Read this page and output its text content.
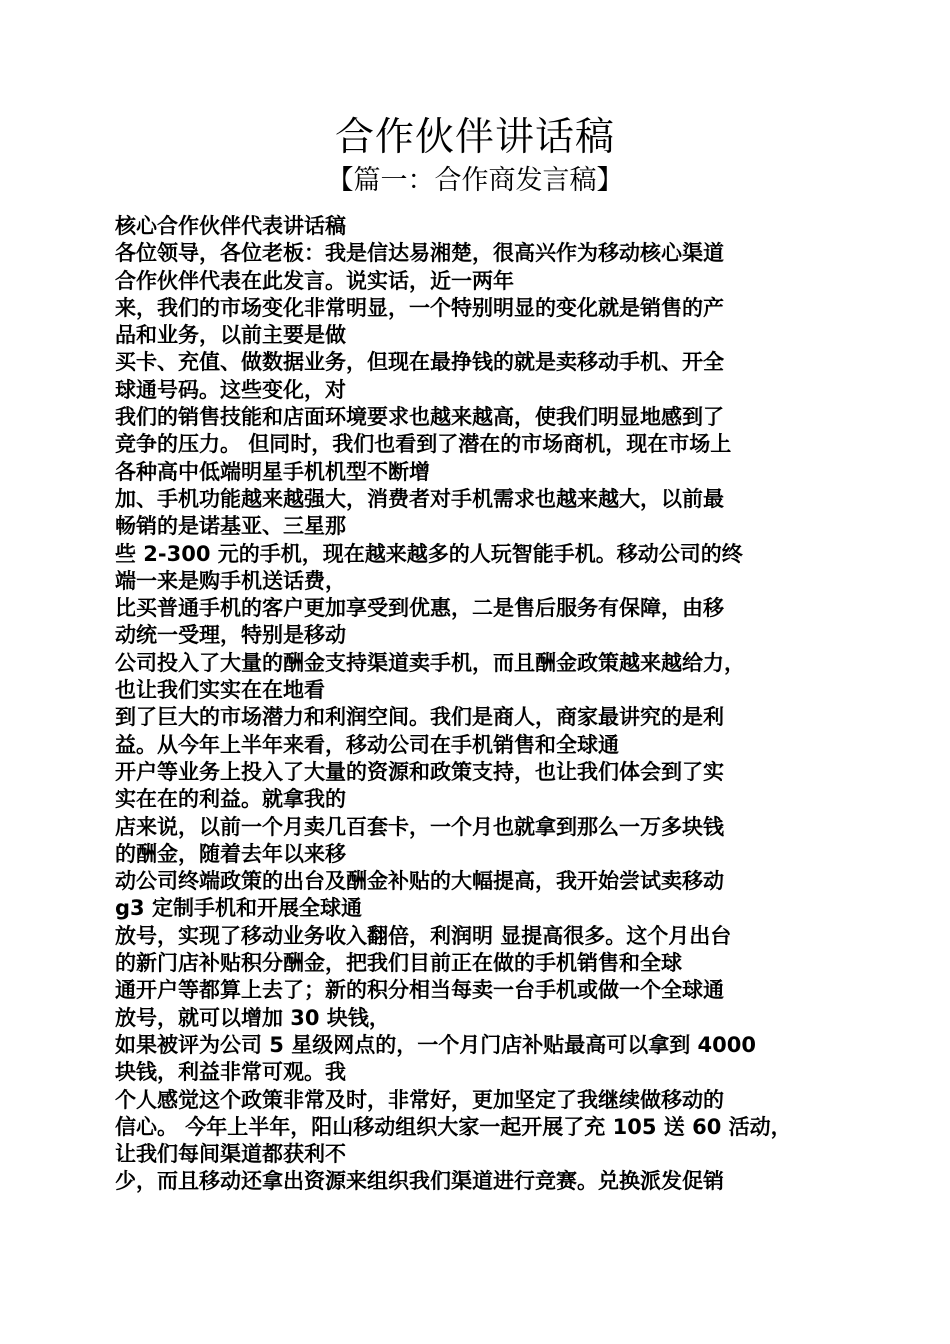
合作伙伴讲话稿
【篇一：合作商发言稿】
核心合作伙伴代表讲话稿
各位领导，各位老板：我是信达易湘楚，很高兴作为移动核心渠道
合作伙伴代表在此发言。说实话，近一两年
来，我们的市场变化非常明显，一个特别明显的变化就是销售的产
品和业务，以前主要是做
买卡、充值、做数据业务，但现在最挣钱的就是卖移动手机、开全
球通号码。这些变化，对
我们的销售技能和店面环境要求也越来越高，使我们明显地感到了
竞争的压力。 但同时，我们也看到了潜在的市场商机，现在市场上
各种高中低端明星手机机型不断增
加、手机功能越来越强大，消费者对手机需求也越来越大，以前最
畅销的是诺基亚、三星那
些 2-300 元的手机，现在越来越多的人玩智能手机。移动公司的终
端一来是购手机送话费，
比买普通手机的客户更加享受到优惠，二是售后服务有保障，由移
动统一受理，特别是移动
公司投入了大量的酬金支持渠道卖手机，而且酬金政策越来越给力，
也让我们实实在在地看
到了巨大的市场潜力和利润空间。我们是商人，商家最讲究的是利
益。从今年上半年来看，移动公司在手机销售和全球通
开户等业务上投入了大量的资源和政策支持，也让我们体会到了实
实在在的利益。就拿我的
店来说，以前一个月卖几百套卡，一个月也就拿到那么一万多块钱
的酬金，随着去年以来移
动公司终端政策的出台及酬金补贴的大幅提高，我开始尝试卖移动
g3 定制手机和开展全球通
放号，实现了移动业务收入翻倍，利润明 显提高很多。这个月出台
的新门店补贴积分酬金，把我们目前正在做的手机销售和全球
通开户等都算上去了；新的积分相当每卖一台手机或做一个全球通
放号，就可以增加 30 块钱，
如果被评为公司 5 星级网点的，一个月门店补贴最高可以拿到 4000
块钱，利益非常可观。我
个人感觉这个政策非常及时，非常好，更加坚定了我继续做移动的
信心。 今年上半年，阳山移动组织大家一起开展了充 105 送 60 活动，
让我们每间渠道都获利不
少，而且移动还拿出资源来组织我们渠道进行竞赛。兑换派发促销
